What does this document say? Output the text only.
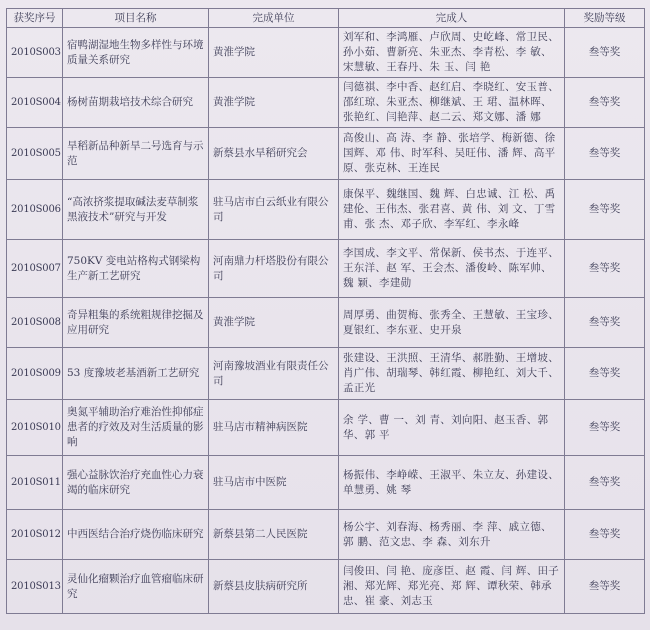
获奖序号	项目名称	完成单位	完成人	奖励等级
2010S003	宿鸭湖湿地生物多样性与环境质量关系研究	黄淮学院	刘军和、李鸿雁、卢欣周、史屹峰、常卫民、孙小茹、曹新亮、朱亚杰、李青松、李 敏、宋慧敏、王春丹、朱 玉、闫 艳	叁等奖
2010S004	杨树苗期栽培技术综合研究	黄淮学院	闫德祺、李中香、赵红启、李晓红、安玉普、邵红琼、朱亚杰、柳继斌、王 珺、温林晖、张艳红、闫艳萍、赵二云、郑文娜、潘 娜	叁等奖
2010S005	旱稻新品种新旱二号选育与示范	新蔡县水旱稻研究会	高俊山、高 涛、李 静、张培学、梅新德、徐国辉、邓 伟、时军科、吴旺伟、潘 辉、高平原、张克林、王连民	叁等奖
2010S006	“高浓挤浆提取碱法麦草制浆黑液技术”研究与开发	驻马店市白云纸业有限公司	康保平、魏继国、魏 辉、白忠诚、江 松、禹建伦、王伟杰、张君喜、黄 伟、刘 文、丁雪甫、张 杰、邓子欣、李军红、李永峰	叁等奖
2010S007	750KV 变电站格构式钢梁构生产新工艺研究	河南鼎力杆塔股份有限公司	李国成、李文平、常保新、侯书杰、于连平、王东洋、赵 军、王会杰、潘俊岭、陈军帅、魏 颖、李建勋	叁等奖
2010S008	奇异粗集的系统粗规律挖掘及应用研究	黄淮学院	周厚勇、曲贺梅、张秀全、王慧敏、王宝珍、夏银红、李东亚、史开泉	叁等奖
2010S009	53 度豫坡老基酒新工艺研究	河南豫坡酒业有限责任公司	张建设、王洪照、王清华、郝胜勤、王增坡、肖广伟、胡瑞琴、韩红霞、柳艳红、刘大千、孟正光	叁等奖
2010S010	奥氮平辅助治疗难治性抑郁症患者的疗效及对生活质量的影响	驻马店市精神病医院	余 学、曹 一、刘 青、刘向阳、赵玉香、郭 华、郭 平	叁等奖
2010S011	强心益脉饮治疗充血性心力衰竭的临床研究	驻马店市中医院	杨振伟、李峥嵘、王淑平、朱立友、孙建设、单慧勇、姚 琴	叁等奖
2010S012	中西医结合治疗烧伤临床研究	新蔡县第二人民医院	杨公宇、刘春海、杨秀丽、李 萍、戚立德、郭 鹏、范文忠、李 森、刘东升	叁等奖
2010S013	灵仙化瘤颗治疗血管瘤临床研究	新蔡县皮肤病研究所	闫俊田、闫 艳、庞彦臣、赵 霞、闫 辉、田子湘、郑光辉、郑光亮、郑 辉、谭秋荣、韩承忠、崔 豪、刘志玉	叁等奖
